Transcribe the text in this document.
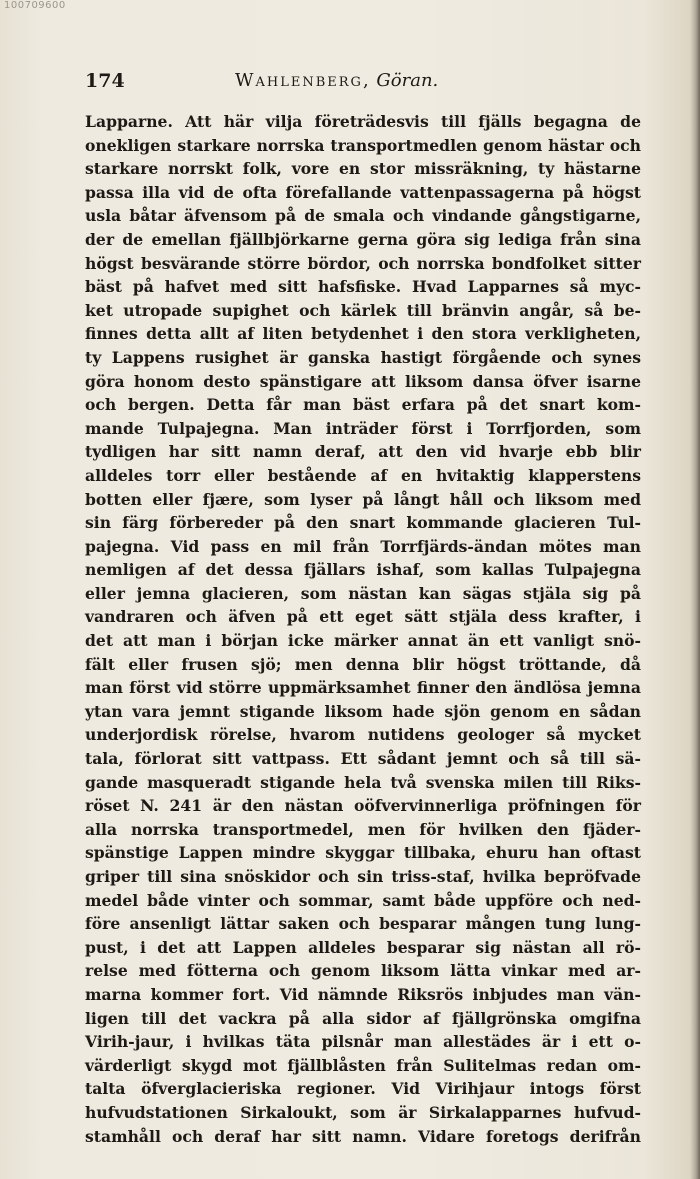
100709600
174	Wahlenberg, Göran.
Lapparne. Att här vilja företrädesvis till fjälls begagna de
onekligen starkare norrska transportmedlen genom hästar och
starkare norrskt folk, vore en stor missräkning, ty hästarne
passa illa vid de ofta förefallande vattenpassagerna på högst
usla båtar äfvensom på de smala och vindande gångstigarne,
der de emellan fjällbjörkarne gerna göra sig lediga från sina
högst besvärande större bördor, och norrska bondfolket sitter
bäst på hafvet med sitt hafsfiske. Hvad Lapparnes så myc-
ket utropade supighet och kärlek till bränvin angår, så be-
finnes detta allt af liten betydenhet i den stora verkligheten,
ty Lappens rusighet är ganska hastigt förgående och synes
göra honom desto spänstigare att liksom dansa öfver isarne
och bergen. Detta får man bäst erfara på det snart kom-
mande Tulpajegna. Man inträder först i Torrfjorden, som
tydligen har sitt namn deraf, att den vid hvarje ebb blir
alldeles torr eller bestående af en hvitaktig klapperstens
botten eller fjære, som lyser på långt håll och liksom med
sin färg förbereder på den snart kommande glacieren Tul-
pajegna. Vid pass en mil från Torrfjärds-ändan mötes man
nemligen af det dessa fjällars ishaf, som kallas Tulpajegna
eller jemna glacieren, som nästan kan sägas stjäla sig på
vandraren och äfven på ett eget sätt stjäla dess krafter, i
det att man i början icke märker annat än ett vanligt snö-
fält eller frusen sjö; men denna blir högst tröttande, då
man först vid större uppmärksamhet finner den ändlösa jemna
ytan vara jemnt stigande liksom hade sjön genom en sådan
underjordisk rörelse, hvarom nutidens geologer så mycket
tala, förlorat sitt vattpass. Ett sådant jemnt och så till sä-
gande masqueradt stigande hela två svenska milen till Riks-
röset N. 241 är den nästan oöfvervinnerliga pröfningen för
alla norrska transportmedel, men för hvilken den fjäder-
spänstige Lappen mindre skyggar tillbaka, ehuru han oftast
griper till sina snöskidor och sin triss-staf, hvilka bepröfvade
medel både vinter och sommar, samt både uppföre och ned-
före ansenligt lättar saken och besparar mången tung lung-
pust, i det att Lappen alldeles besparar sig nästan all rö-
relse med fötterna och genom liksom lätta vinkar med ar-
marna kommer fort. Vid nämnde Riksrös inbjudes man vän-
ligen till det vackra på alla sidor af fjällgrönska omgifna
Virih-jaur, i hvilkas täta pilsnår man allestädes är i ett o-
värderligt skygd mot fjällblåsten från Sulitelmas redan om-
talta öfverglacieriska regioner. Vid Virihjaur intogs först
hufvudstationen Sirkaloukt, som är Sirkalapparnes hufvud-
stamhåll och deraf har sitt namn. Vidare foretogs derifrån
